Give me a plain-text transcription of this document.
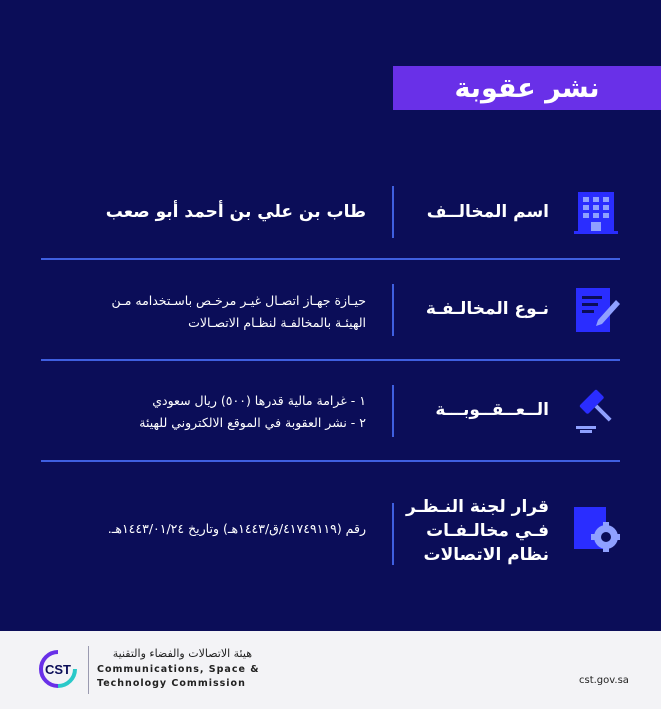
نشر عقوبة
اسم المخالــف
طاب بن علي بن أحمد أبو صعب
نـوع المخالـفـة
حيـازة جهـاز اتصـال غيـر مرخـص باسـتخدامه مـن
الهيئـة بالمخالفـة لنظـام الاتصـالات
الــعــقــوبـــة
١ - غرامة مالية قدرها (٥٠٠) ريال سعودي
٢ - نشر العقوبة في الموقع الالكتروني للهيئة
قرار لجنة النـظـر
فـي مخالـفـات
نظام الاتصالات
رقم (٤١٧٤٩١١٩/ق/١٤٤٣هـ) وتاريخ ١٤٤٣/٠١/٢٤هـ.
CST
هيئة الاتصالات والفضاء والتقنية
Communications, Space &
Technology Commission	cst.gov.sa
